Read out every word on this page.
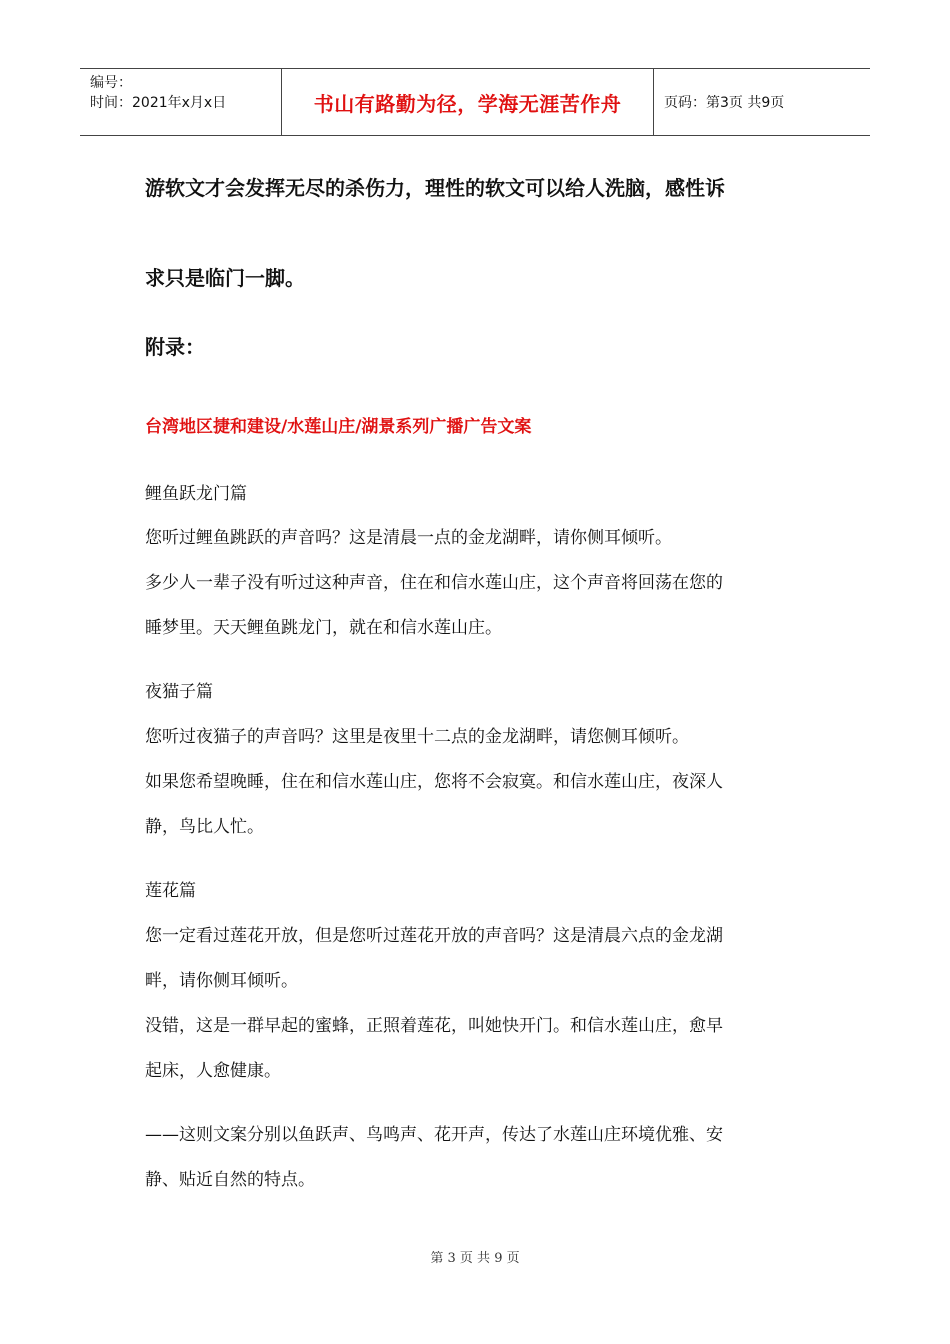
编号：
时间：2021年x月x日	书山有路勤为径，学海无涯苦作舟	页码：第3页 共9页
游软文才会发挥无尽的杀伤力，理性的软文可以给人洗脑，感性诉
求只是临门一脚。
附录：
台湾地区捷和建设/水莲山庄/湖景系列广播广告文案
鲤鱼跃龙门篇
您听过鲤鱼跳跃的声音吗？这是清晨一点的金龙湖畔，请你侧耳倾听。
多少人一辈子没有听过这种声音，住在和信水莲山庄，这个声音将回荡在您的
睡梦里。天天鲤鱼跳龙门，就在和信水莲山庄。
夜猫子篇
您听过夜猫子的声音吗？这里是夜里十二点的金龙湖畔，请您侧耳倾听。
如果您希望晚睡，住在和信水莲山庄，您将不会寂寞。和信水莲山庄，夜深人
静，鸟比人忙。
莲花篇
您一定看过莲花开放，但是您听过莲花开放的声音吗？这是清晨六点的金龙湖
畔，请你侧耳倾听。
没错，这是一群早起的蜜蜂，正照着莲花，叫她快开门。和信水莲山庄，愈早
起床，人愈健康。
——这则文案分别以鱼跃声、鸟鸣声、花开声，传达了水莲山庄环境优雅、安
静、贴近自然的特点。
第 3 页 共 9 页
